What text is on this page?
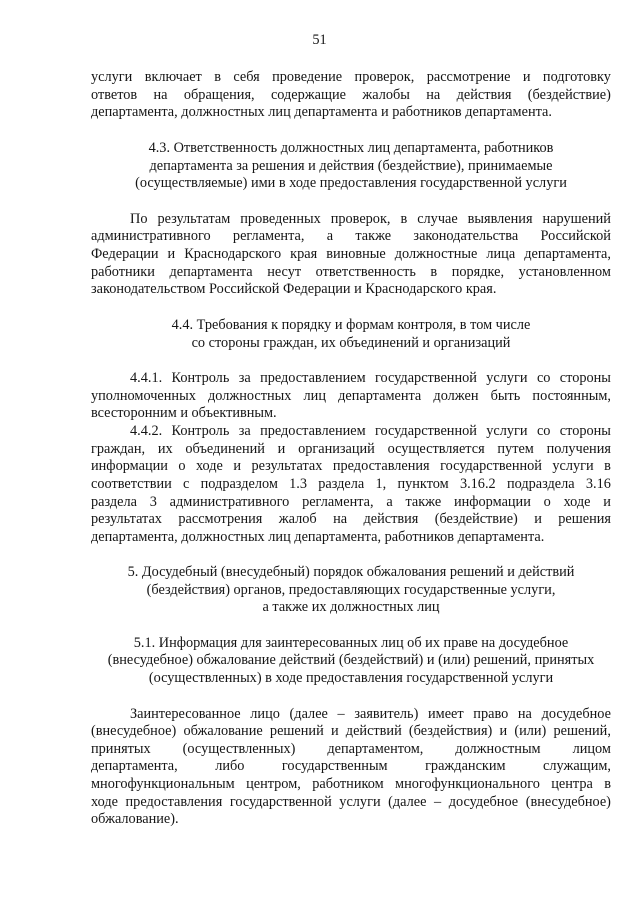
51
услуги включает в себя проведение проверок, рассмотрение и подготовку
ответов на обращения, содержащие жалобы на действия (бездействие)
департамента, должностных лиц департамента и работников департамента.
4.3. Ответственность должностных лиц департамента, работников
департамента за решения и действия (бездействие), принимаемые
(осуществляемые) ими в ходе предоставления государственной услуги
По результатам проведенных проверок, в случае выявления нарушений
административного регламента, а также законодательства Российской
Федерации и Краснодарского края виновные должностные лица департамента,
работники департамента несут ответственность в порядке, установленном
законодательством Российской Федерации и Краснодарского края.
4.4. Требования к порядку и формам контроля, в том числе
со стороны граждан, их объединений и организаций
4.4.1. Контроль за предоставлением государственной услуги со стороны
уполномоченных должностных лиц департамента должен быть постоянным,
всесторонним и объективным.
4.4.2. Контроль за предоставлением государственной услуги со стороны
граждан, их объединений и организаций осуществляется путем получения
информации о ходе и результатах предоставления государственной услуги в
соответствии с подразделом 1.3 раздела 1, пунктом 3.16.2 подраздела 3.16
раздела 3 административного регламента, а также информации о ходе и
результатах рассмотрения жалоб на действия (бездействие) и решения
департамента, должностных лиц департамента, работников департамента.
5. Досудебный (внесудебный) порядок обжалования решений и действий
(бездействия) органов, предоставляющих государственные услуги,
а также их должностных лиц
5.1. Информация для заинтересованных лиц об их праве на досудебное
(внесудебное) обжалование действий (бездействий) и (или) решений, принятых
(осуществленных) в ходе предоставления государственной услуги
Заинтересованное лицо (далее – заявитель) имеет право на досудебное
(внесудебное) обжалование решений и действий (бездействия) и (или) решений,
принятых (осуществленных) департаментом, должностным лицом
департамента,	либо	государственным	гражданским	служащим,
многофункциональным центром, работником многофункционального центра в
ходе предоставления государственной услуги (далее – досудебное (внесудебное)
обжалование).
